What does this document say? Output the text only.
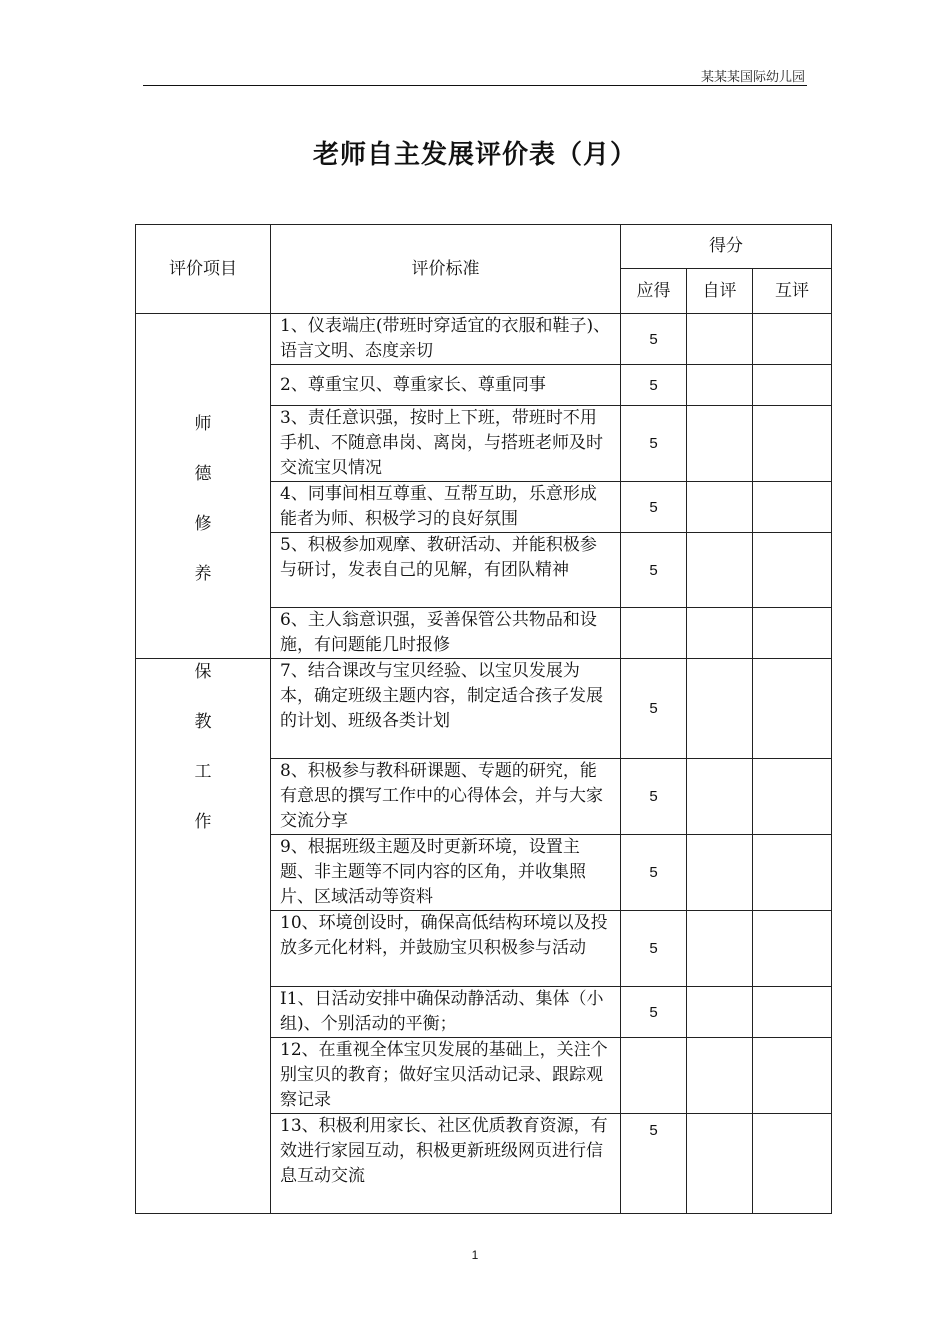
某某某国际幼儿园
老师自主发展评价表（月）
评价项目	评价标准	得分		
		应得	自评	互评

师
德
修
养	1、仪表端庄(带班时穿适宜的衣服和鞋子)、语言文明、态度亲切	5		
	2、尊重宝贝、尊重家长、尊重同事	5		
	3、责任意识强，按时上下班，带班时不用手机、不随意串岗、离岗，与搭班老师及时交流宝贝情况	5		
	4、同事间相互尊重、互帮互助，乐意形成能者为师、积极学习的良好氛围	5		
	5、积极参加观摩、教研活动、并能积极参与研讨，发表自己的见解，有团队精神	5		
	6、主人翁意识强，妥善保管公共物品和设施，有问题能几时报修			

保
教
工
作	7、结合课改与宝贝经验、以宝贝发展为本，确定班级主题内容，制定适合孩子发展的计划、班级各类计划	5		
	8、积极参与教科研课题、专题的研究，能有意思的撰写工作中的心得体会，并与大家交流分享	5		
	9、根据班级主题及时更新环境，设置主题、非主题等不同内容的区角，并收集照片、区域活动等资料	5		
	10、环境创设时，确保高低结构环境以及投放多元化材料，并鼓励宝贝积极参与活动	5		
	I1、日活动安排中确保动静活动、集体（小组)、个别活动的平衡；	5		
	12、在重视全体宝贝发展的基础上，关注个别宝贝的教育；做好宝贝活动记录、跟踪观察记录			
	13、积极利用家长、社区优质教育资源，有效进行家园互动，积极更新班级网页进行信息互动交流	5		
1
